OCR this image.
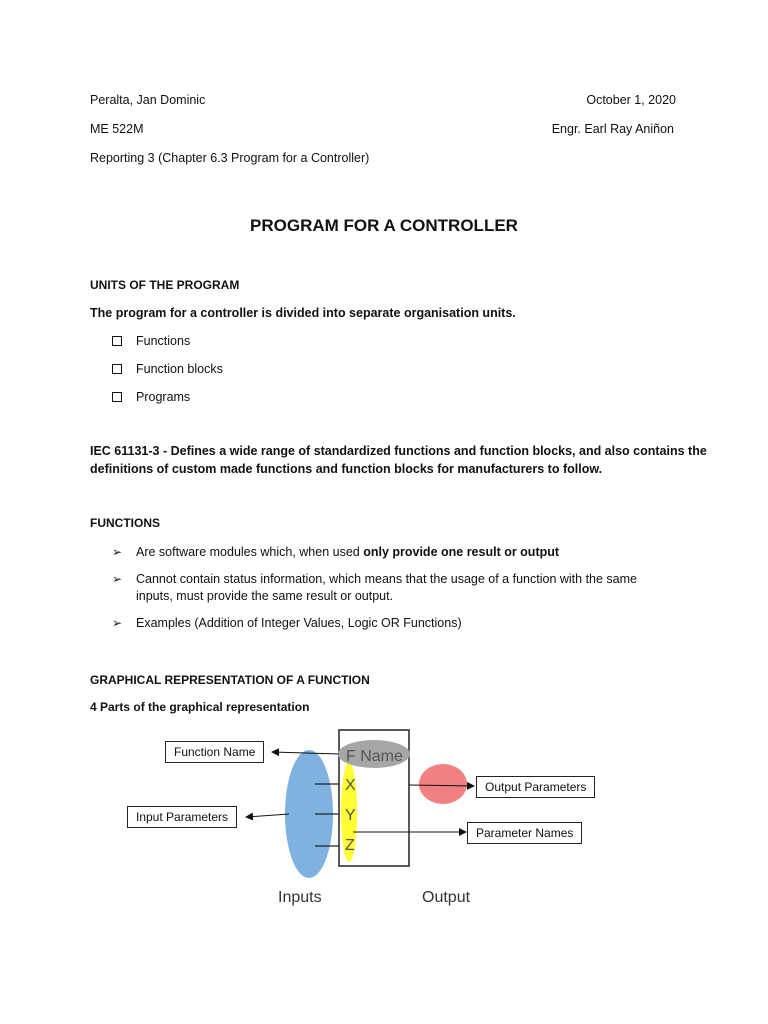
Peralta, Jan Dominic	October 1, 2020
ME 522M	Engr. Earl Ray Aniñon
Reporting 3 (Chapter 6.3 Program for a Controller)
PROGRAM FOR A CONTROLLER
UNITS OF THE PROGRAM
The program for a controller is divided into separate organisation units.
Functions
Function blocks
Programs
IEC 61131-3 - Defines a wide range of standardized functions and function blocks, and also contains the
definitions of custom made functions and function blocks for manufacturers to follow.
FUNCTIONS
➢ Are software modules which, when used only provide one result or output
➢ Cannot contain status information, which means that the usage of a function with the same inputs, must provide the same result or output.
➢ Examples (Addition of Integer Values, Logic OR Functions)
GRAPHICAL REPRESENTATION OF A FUNCTION
4 Parts of the graphical representation
F Name
X
Y
Z
Inputs	Output
Function Name
Input Parameters
Output Parameters
Parameter Names
